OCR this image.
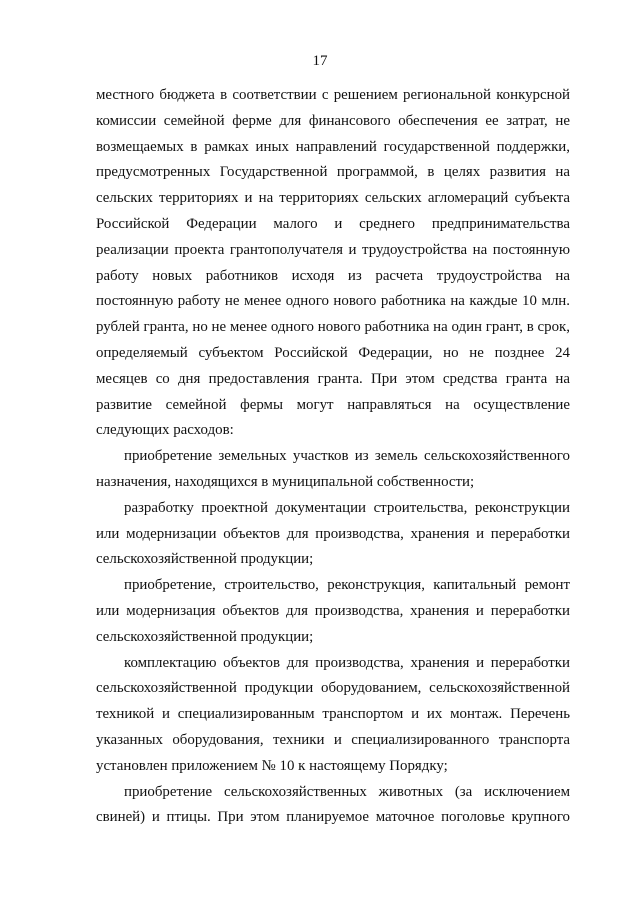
17
местного бюджета в соответствии с решением региональной конкурсной
комиссии семейной ферме для финансового обеспечения ее затрат, не
возмещаемых в рамках иных направлений государственной поддержки,
предусмотренных Государственной программой, в целях развития на
сельских территориях и на территориях сельских агломераций субъекта
Российской Федерации малого и среднего предпринимательства
реализации проекта грантополучателя и трудоустройства на постоянную
работу новых работников исходя из расчета трудоустройства на
постоянную работу не менее одного нового работника на каждые 10 млн.
рублей гранта, но не менее одного нового работника на один грант, в срок,
определяемый субъектом Российской Федерации, но не позднее 24
месяцев со дня предоставления гранта. При этом средства гранта на
развитие семейной фермы могут направляться на осуществление
следующих расходов:
приобретение земельных участков из земель сельскохозяйственного
назначения, находящихся в муниципальной собственности;
разработку проектной документации строительства, реконструкции
или модернизации объектов для производства, хранения и переработки
сельскохозяйственной продукции;
приобретение, строительство, реконструкция, капитальный ремонт
или модернизация объектов для производства, хранения и переработки
сельскохозяйственной продукции;
комплектацию объектов для производства, хранения и переработки
сельскохозяйственной продукции оборудованием, сельскохозяйственной
техникой и специализированным транспортом и их монтаж. Перечень
указанных оборудования, техники и специализированного транспорта
установлен приложением № 10 к настоящему Порядку;
приобретение сельскохозяйственных животных (за исключением
свиней) и птицы. При этом планируемое маточное поголовье крупного
